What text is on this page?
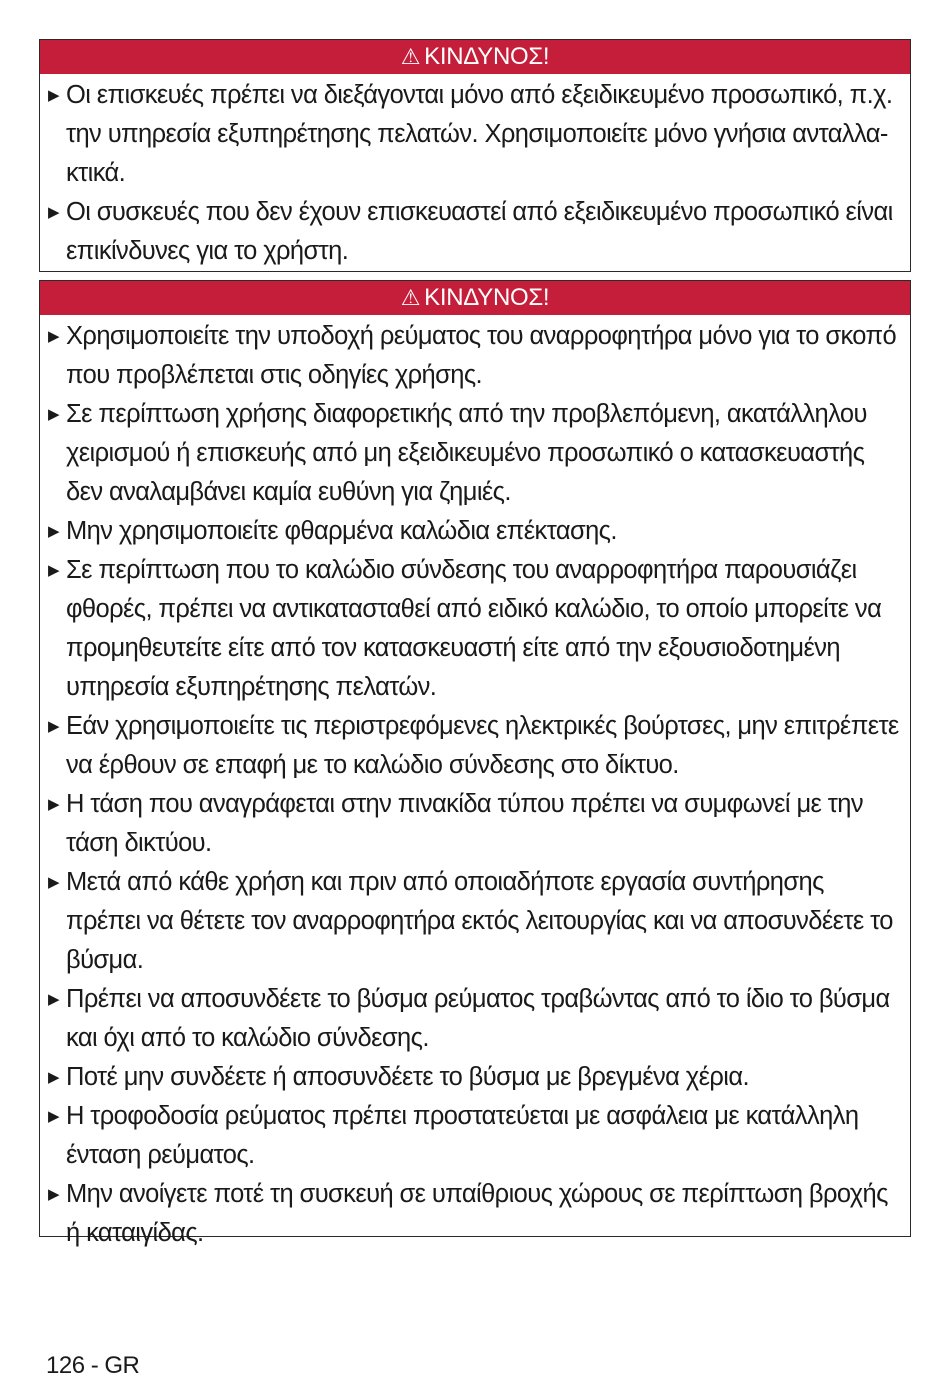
⚠ ΚΙΝΔΥΝΟΣ!
▶ Οι επισκευές πρέπει να διεξάγονται μόνο από εξειδικευμένο προσωπικό, π.χ. την υπηρεσία εξυπηρέτησης πελατών. Χρησιμοποιείτε μόνο γνήσια ανταλλα-κτικά.
▶ Οι συσκευές που δεν έχουν επισκευαστεί από εξειδικευμένο προσωπικό είναι επικίνδυνες για το χρήστη.
⚠ ΚΙΝΔΥΝΟΣ!
▶ Χρησιμοποιείτε την υποδοχή ρεύματος του αναρροφητήρα μόνο για το σκοπό που προβλέπεται στις οδηγίες χρήσης.
▶ Σε περίπτωση χρήσης διαφορετικής από την προβλεπόμενη, ακατάλληλου χειρισμού ή επισκευής από μη εξειδικευμένο προσωπικό ο κατασκευαστής δεν αναλαμβάνει καμία ευθύνη για ζημιές.
▶ Μην χρησιμοποιείτε φθαρμένα καλώδια επέκτασης.
▶ Σε περίπτωση που το καλώδιο σύνδεσης του αναρροφητήρα παρουσιάζει φθορές, πρέπει να αντικατασταθεί από ειδικό καλώδιο, το οποίο μπορείτε να προμηθευτείτε είτε από τον κατασκευαστή είτε από την εξουσιοδοτημένη υπηρεσία εξυπηρέτησης πελατών.
▶ Εάν χρησιμοποιείτε τις περιστρεφόμενες ηλεκτρικές βούρτσες, μην επιτρέπετε να έρθουν σε επαφή με το καλώδιο σύνδεσης στο δίκτυο.
▶ Η τάση που αναγράφεται στην πινακίδα τύπου πρέπει να συμφωνεί με την τάση δικτύου.
▶ Μετά από κάθε χρήση και πριν από οποιαδήποτε εργασία συντήρησης πρέπει να θέτετε τον αναρροφητήρα εκτός λειτουργίας και να αποσυνδέετε το βύσμα.
▶ Πρέπει να αποσυνδέετε το βύσμα ρεύματος τραβώντας από το ίδιο το βύσμα και όχι από το καλώδιο σύνδεσης.
▶ Ποτέ μην συνδέετε ή αποσυνδέετε το βύσμα με βρεγμένα χέρια.
▶ Η τροφοδοσία ρεύματος πρέπει προστατεύεται με ασφάλεια με κατάλληλη ένταση ρεύματος.
▶ Μην ανοίγετε ποτέ τη συσκευή σε υπαίθριους χώρους σε περίπτωση βροχής ή καταιγίδας.
126 - GR
